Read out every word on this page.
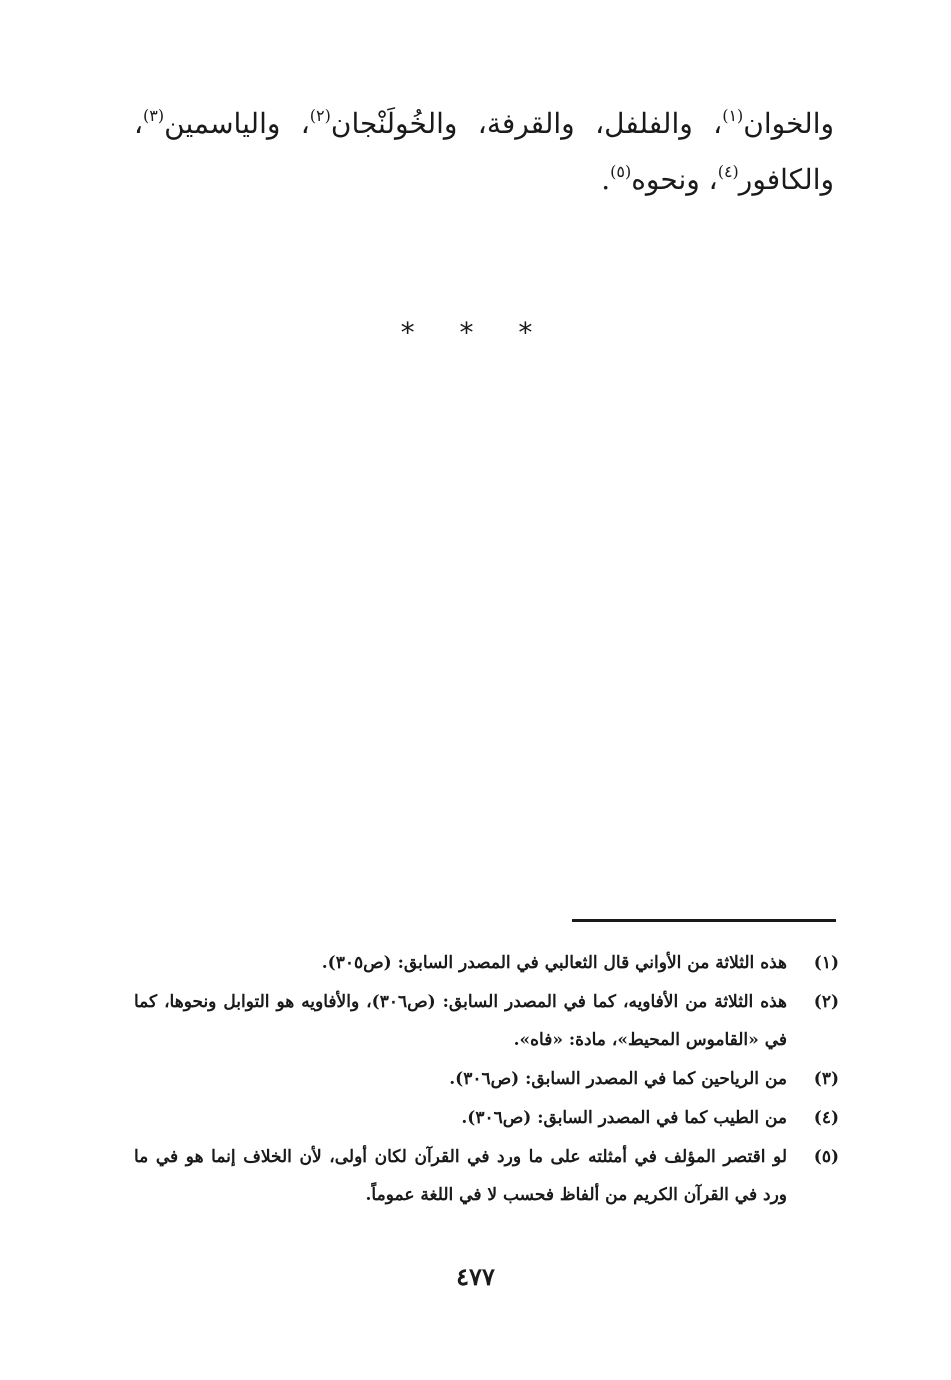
والخوان$^{(١)}$، والفلفل، والقرفة، والخُولَنْجان$^{(٢)}$، والياسمين$^{(٣)}$، والكافور$^{(٤)}$، ونحوه$^{(٥)}$.

* * *
(١)
هذه الثلاثة من الأواني قال الثعالبي في المصدر السابق: (ص٣٠٥).
(٢)
هذه الثلاثة من الأفاويه، كما في المصدر السابق: (ص٣٠٦)، والأفاويه هو التوابل ونحوها، كما في «القاموس المحيط»، مادة: «فاه».
(٣)
من الرياحين كما في المصدر السابق: (ص٣٠٦).
(٤)
من الطيب كما في المصدر السابق: (ص٣٠٦).
(٥)
لو اقتصر المؤلف في أمثلته على ما ورد في القرآن لكان أولى، لأن الخلاف إنما هو في ما ورد في القرآن الكريم من ألفاظ فحسب لا في اللغة عموماً.
٤٧٧
